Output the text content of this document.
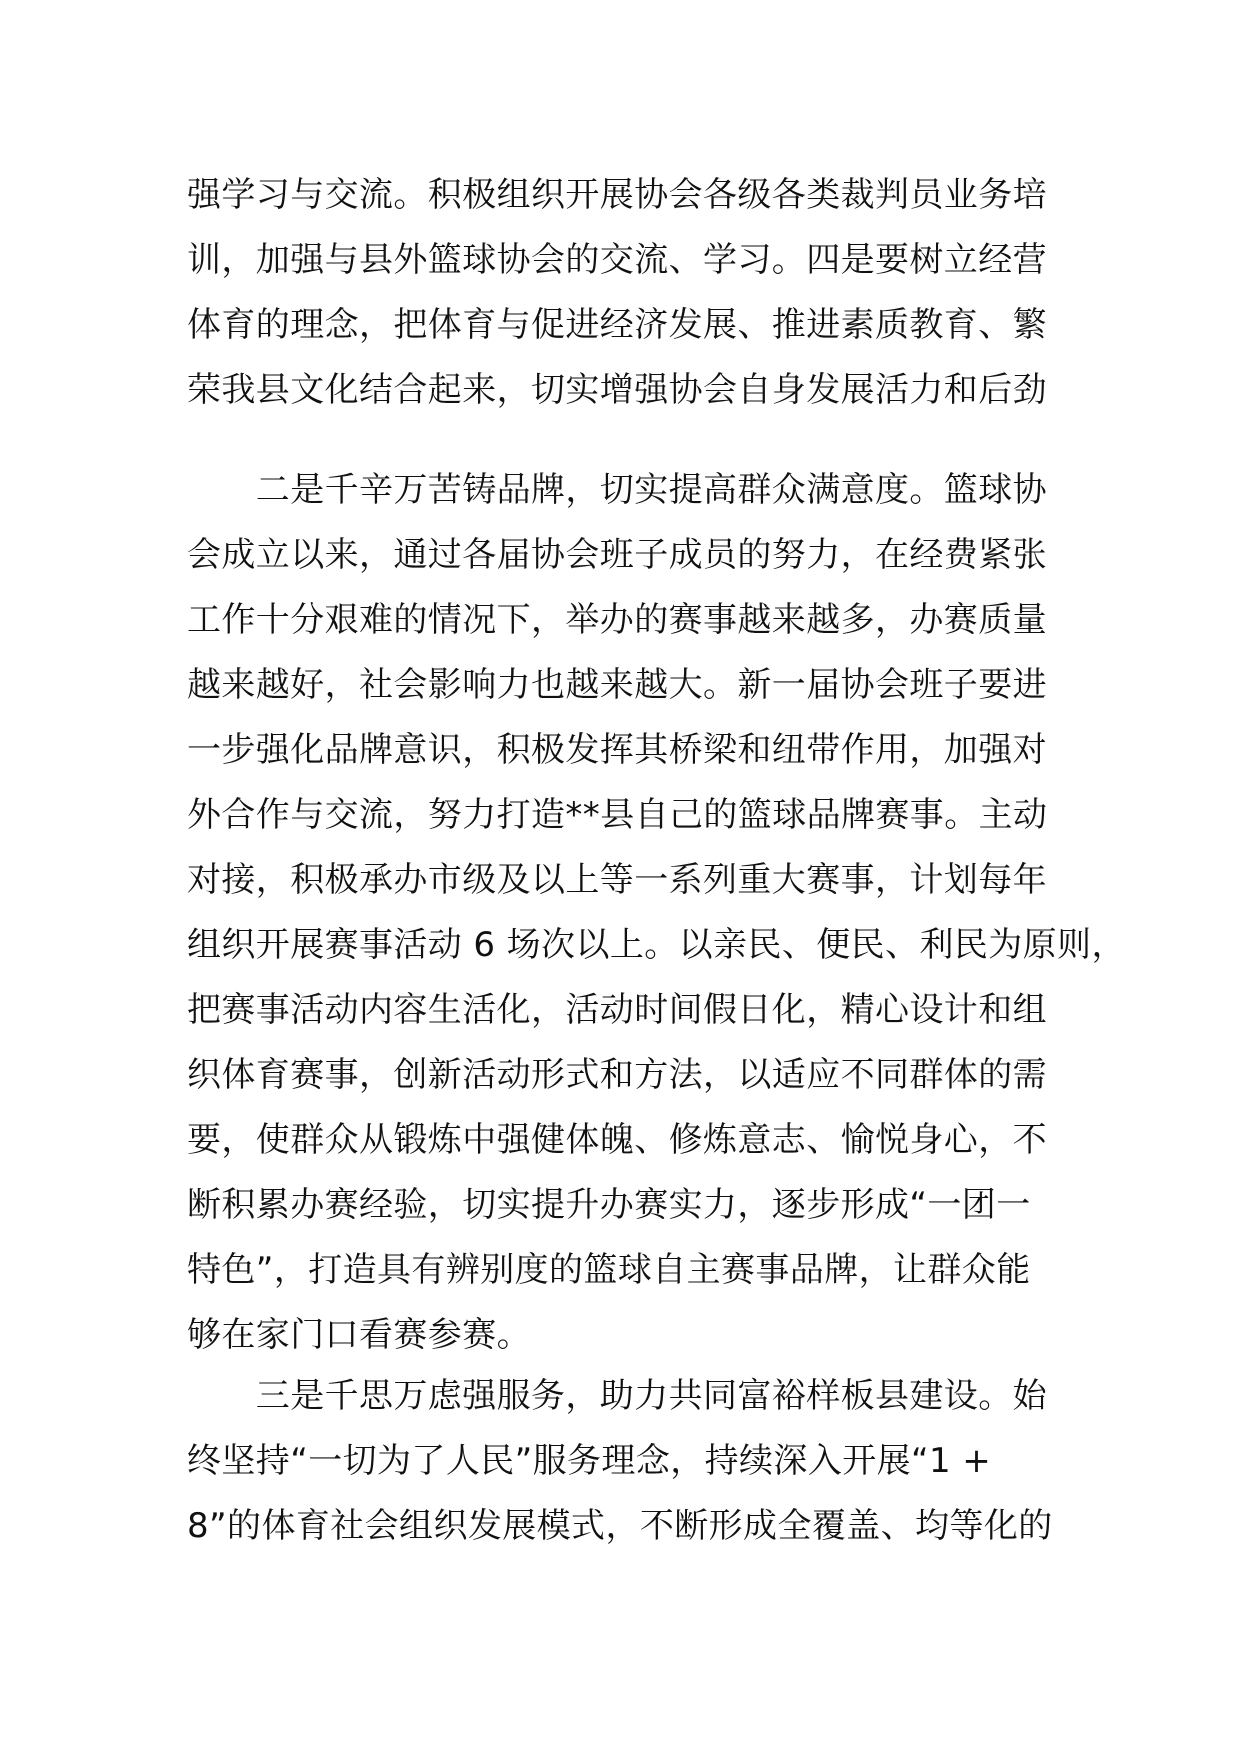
强学习与交流。积极组织开展协会各级各类裁判员业务培
训，加强与县外篮球协会的交流、学习。四是要树立经营
体育的理念，把体育与促进经济发展、推进素质教育、繁
荣我县文化结合起来，切实增强协会自身发展活力和后劲
　　二是千辛万苦铸品牌，切实提高群众满意度。篮球协
会成立以来，通过各届协会班子成员的努力，在经费紧张
工作十分艰难的情况下，举办的赛事越来越多，办赛质量
越来越好，社会影响力也越来越大。新一届协会班子要进
一步强化品牌意识，积极发挥其桥梁和纽带作用，加强对
外合作与交流，努力打造**县自己的篮球品牌赛事。主动
对接，积极承办市级及以上等一系列重大赛事，计划每年
组织开展赛事活动 6 场次以上。以亲民、便民、利民为原则，
把赛事活动内容生活化，活动时间假日化，精心设计和组
织体育赛事，创新活动形式和方法，以适应不同群体的需
要，使群众从锻炼中强健体魄、修炼意志、愉悦身心，不
断积累办赛经验，切实提升办赛实力，逐步形成“一团一
特色”，打造具有辨别度的篮球自主赛事品牌，让群众能
够在家门口看赛参赛。
　　三是千思万虑强服务，助力共同富裕样板县建设。始
终坚持“一切为了人民”服务理念，持续深入开展“1 +
8”的体育社会组织发展模式，不断形成全覆盖、均等化的
